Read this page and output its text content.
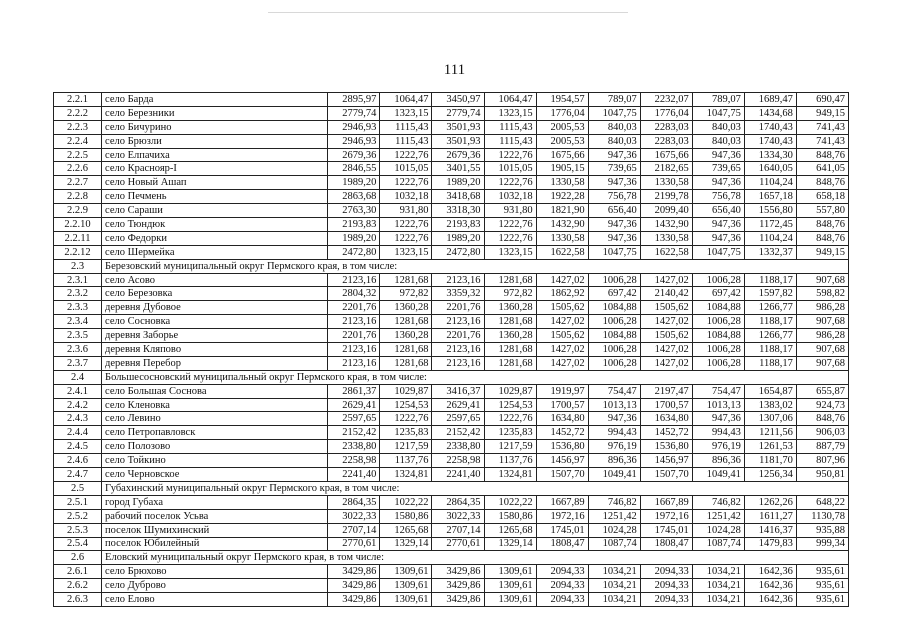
111
2.2.1	село Барда	2895,97	1064,47	3450,97	1064,47	1954,57	789,07	2232,07	789,07	1689,47	690,47
2.2.2	село Березники	2779,74	1323,15	2779,74	1323,15	1776,04	1047,75	1776,04	1047,75	1434,68	949,15
2.2.3	село Бичурино	2946,93	1115,43	3501,93	1115,43	2005,53	840,03	2283,03	840,03	1740,43	741,43
2.2.4	село Брюзли	2946,93	1115,43	3501,93	1115,43	2005,53	840,03	2283,03	840,03	1740,43	741,43
2.2.5	село Елпачиха	2679,36	1222,76	2679,36	1222,76	1675,66	947,36	1675,66	947,36	1334,30	848,76
2.2.6	село Краснояр-I	2846,55	1015,05	3401,55	1015,05	1905,15	739,65	2182,65	739,65	1640,05	641,05
2.2.7	село Новый Ашап	1989,20	1222,76	1989,20	1222,76	1330,58	947,36	1330,58	947,36	1104,24	848,76
2.2.8	село Печмень	2863,68	1032,18	3418,68	1032,18	1922,28	756,78	2199,78	756,78	1657,18	658,18
2.2.9	село Сараши	2763,30	931,80	3318,30	931,80	1821,90	656,40	2099,40	656,40	1556,80	557,80
2.2.10	село Тюндюк	2193,83	1222,76	2193,83	1222,76	1432,90	947,36	1432,90	947,36	1172,45	848,76
2.2.11	село Федорки	1989,20	1222,76	1989,20	1222,76	1330,58	947,36	1330,58	947,36	1104,24	848,76
2.2.12	село Шермейка	2472,80	1323,15	2472,80	1323,15	1622,58	1047,75	1622,58	1047,75	1332,37	949,15
2.3	Березовский муниципальный округ Пермского края, в том числе:										
2.3.1	село Асово	2123,16	1281,68	2123,16	1281,68	1427,02	1006,28	1427,02	1006,28	1188,17	907,68
2.3.2	село Березовка	2804,32	972,82	3359,32	972,82	1862,92	697,42	2140,42	697,42	1597,82	598,82
2.3.3	деревня Дубовое	2201,76	1360,28	2201,76	1360,28	1505,62	1084,88	1505,62	1084,88	1266,77	986,28
2.3.4	село Сосновка	2123,16	1281,68	2123,16	1281,68	1427,02	1006,28	1427,02	1006,28	1188,17	907,68
2.3.5	деревня Заборье	2201,76	1360,28	2201,76	1360,28	1505,62	1084,88	1505,62	1084,88	1266,77	986,28
2.3.6	деревня Кляпово	2123,16	1281,68	2123,16	1281,68	1427,02	1006,28	1427,02	1006,28	1188,17	907,68
2.3.7	деревня Перебор	2123,16	1281,68	2123,16	1281,68	1427,02	1006,28	1427,02	1006,28	1188,17	907,68
2.4	Большесосновский муниципальный округ Пермского края, в том числе:										
2.4.1	село Большая Соснова	2861,37	1029,87	3416,37	1029,87	1919,97	754,47	2197,47	754,47	1654,87	655,87
2.4.2	село Кленовка	2629,41	1254,53	2629,41	1254,53	1700,57	1013,13	1700,57	1013,13	1383,02	924,73
2.4.3	село Левино	2597,65	1222,76	2597,65	1222,76	1634,80	947,36	1634,80	947,36	1307,06	848,76
2.4.4	село Петропавловск	2152,42	1235,83	2152,42	1235,83	1452,72	994,43	1452,72	994,43	1211,56	906,03
2.4.5	село Полозово	2338,80	1217,59	2338,80	1217,59	1536,80	976,19	1536,80	976,19	1261,53	887,79
2.4.6	село Тойкино	2258,98	1137,76	2258,98	1137,76	1456,97	896,36	1456,97	896,36	1181,70	807,96
2.4.7	село Черновское	2241,40	1324,81	2241,40	1324,81	1507,70	1049,41	1507,70	1049,41	1256,34	950,81
2.5	Губахинский муниципальный округ Пермского края, в том числе:										
2.5.1	город Губаха	2864,35	1022,22	2864,35	1022,22	1667,89	746,82	1667,89	746,82	1262,26	648,22
2.5.2	рабочий поселок Усьва	3022,33	1580,86	3022,33	1580,86	1972,16	1251,42	1972,16	1251,42	1611,27	1130,78
2.5.3	поселок Шумихинский	2707,14	1265,68	2707,14	1265,68	1745,01	1024,28	1745,01	1024,28	1416,37	935,88
2.5.4	поселок Юбилейный	2770,61	1329,14	2770,61	1329,14	1808,47	1087,74	1808,47	1087,74	1479,83	999,34
2.6	Еловский муниципальный округ Пермского края, в том числе:										
2.6.1	село Брюхово	3429,86	1309,61	3429,86	1309,61	2094,33	1034,21	2094,33	1034,21	1642,36	935,61
2.6.2	село Дуброво	3429,86	1309,61	3429,86	1309,61	2094,33	1034,21	2094,33	1034,21	1642,36	935,61
2.6.3	село Елово	3429,86	1309,61	3429,86	1309,61	2094,33	1034,21	2094,33	1034,21	1642,36	935,61
